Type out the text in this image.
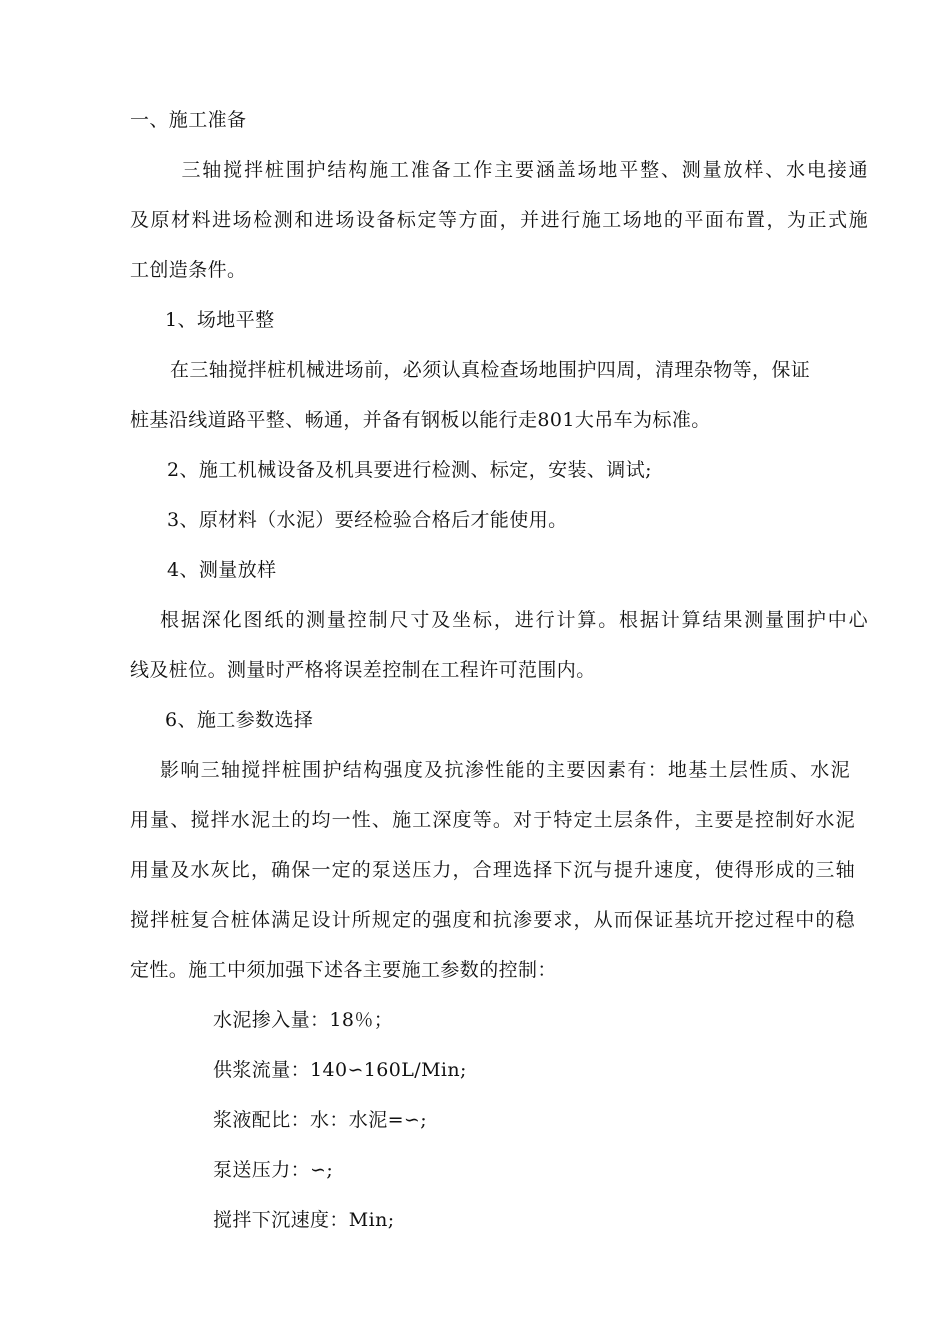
一、施工准备

三轴搅拌桩围护结构施工准备工作主要涵盖场地平整、测量放样、水电接通

及原材料进场检测和进场设备标定等方面，并进行施工场地的平面布置，为正式施

工创造条件。

1、场地平整

在三轴搅拌桩机械进场前，必须认真检查场地围护四周，清理杂物等，保证

桩基沿线道路平整、畅通，并备有钢板以能行走801大吊车为标准。

2、施工机械设备及机具要进行检测、标定，安装、调试;

3、原材料（水泥）要经检验合格后才能使用。

4、测量放样

根据深化图纸的测量控制尺寸及坐标，进行计算。根据计算结果测量围护中心

线及桩位。测量时严格将误差控制在工程许可范围内。

6、施工参数选择

影响三轴搅拌桩围护结构强度及抗渗性能的主要因素有：地基土层性质、水泥

用量、搅拌水泥土的均一性、施工深度等。对于特定土层条件，主要是控制好水泥

用量及水灰比，确保一定的泵送压力，合理选择下沉与提升速度，使得形成的三轴

搅拌桩复合桩体满足设计所规定的强度和抗渗要求，从而保证基坑开挖过程中的稳

定性。施工中须加强下述各主要施工参数的控制：

水泥掺入量：18％；

供浆流量：140∽160L/Min;

浆液配比：水：水泥=∽;

泵送压力：∽;

搅拌下沉速度：Min;
